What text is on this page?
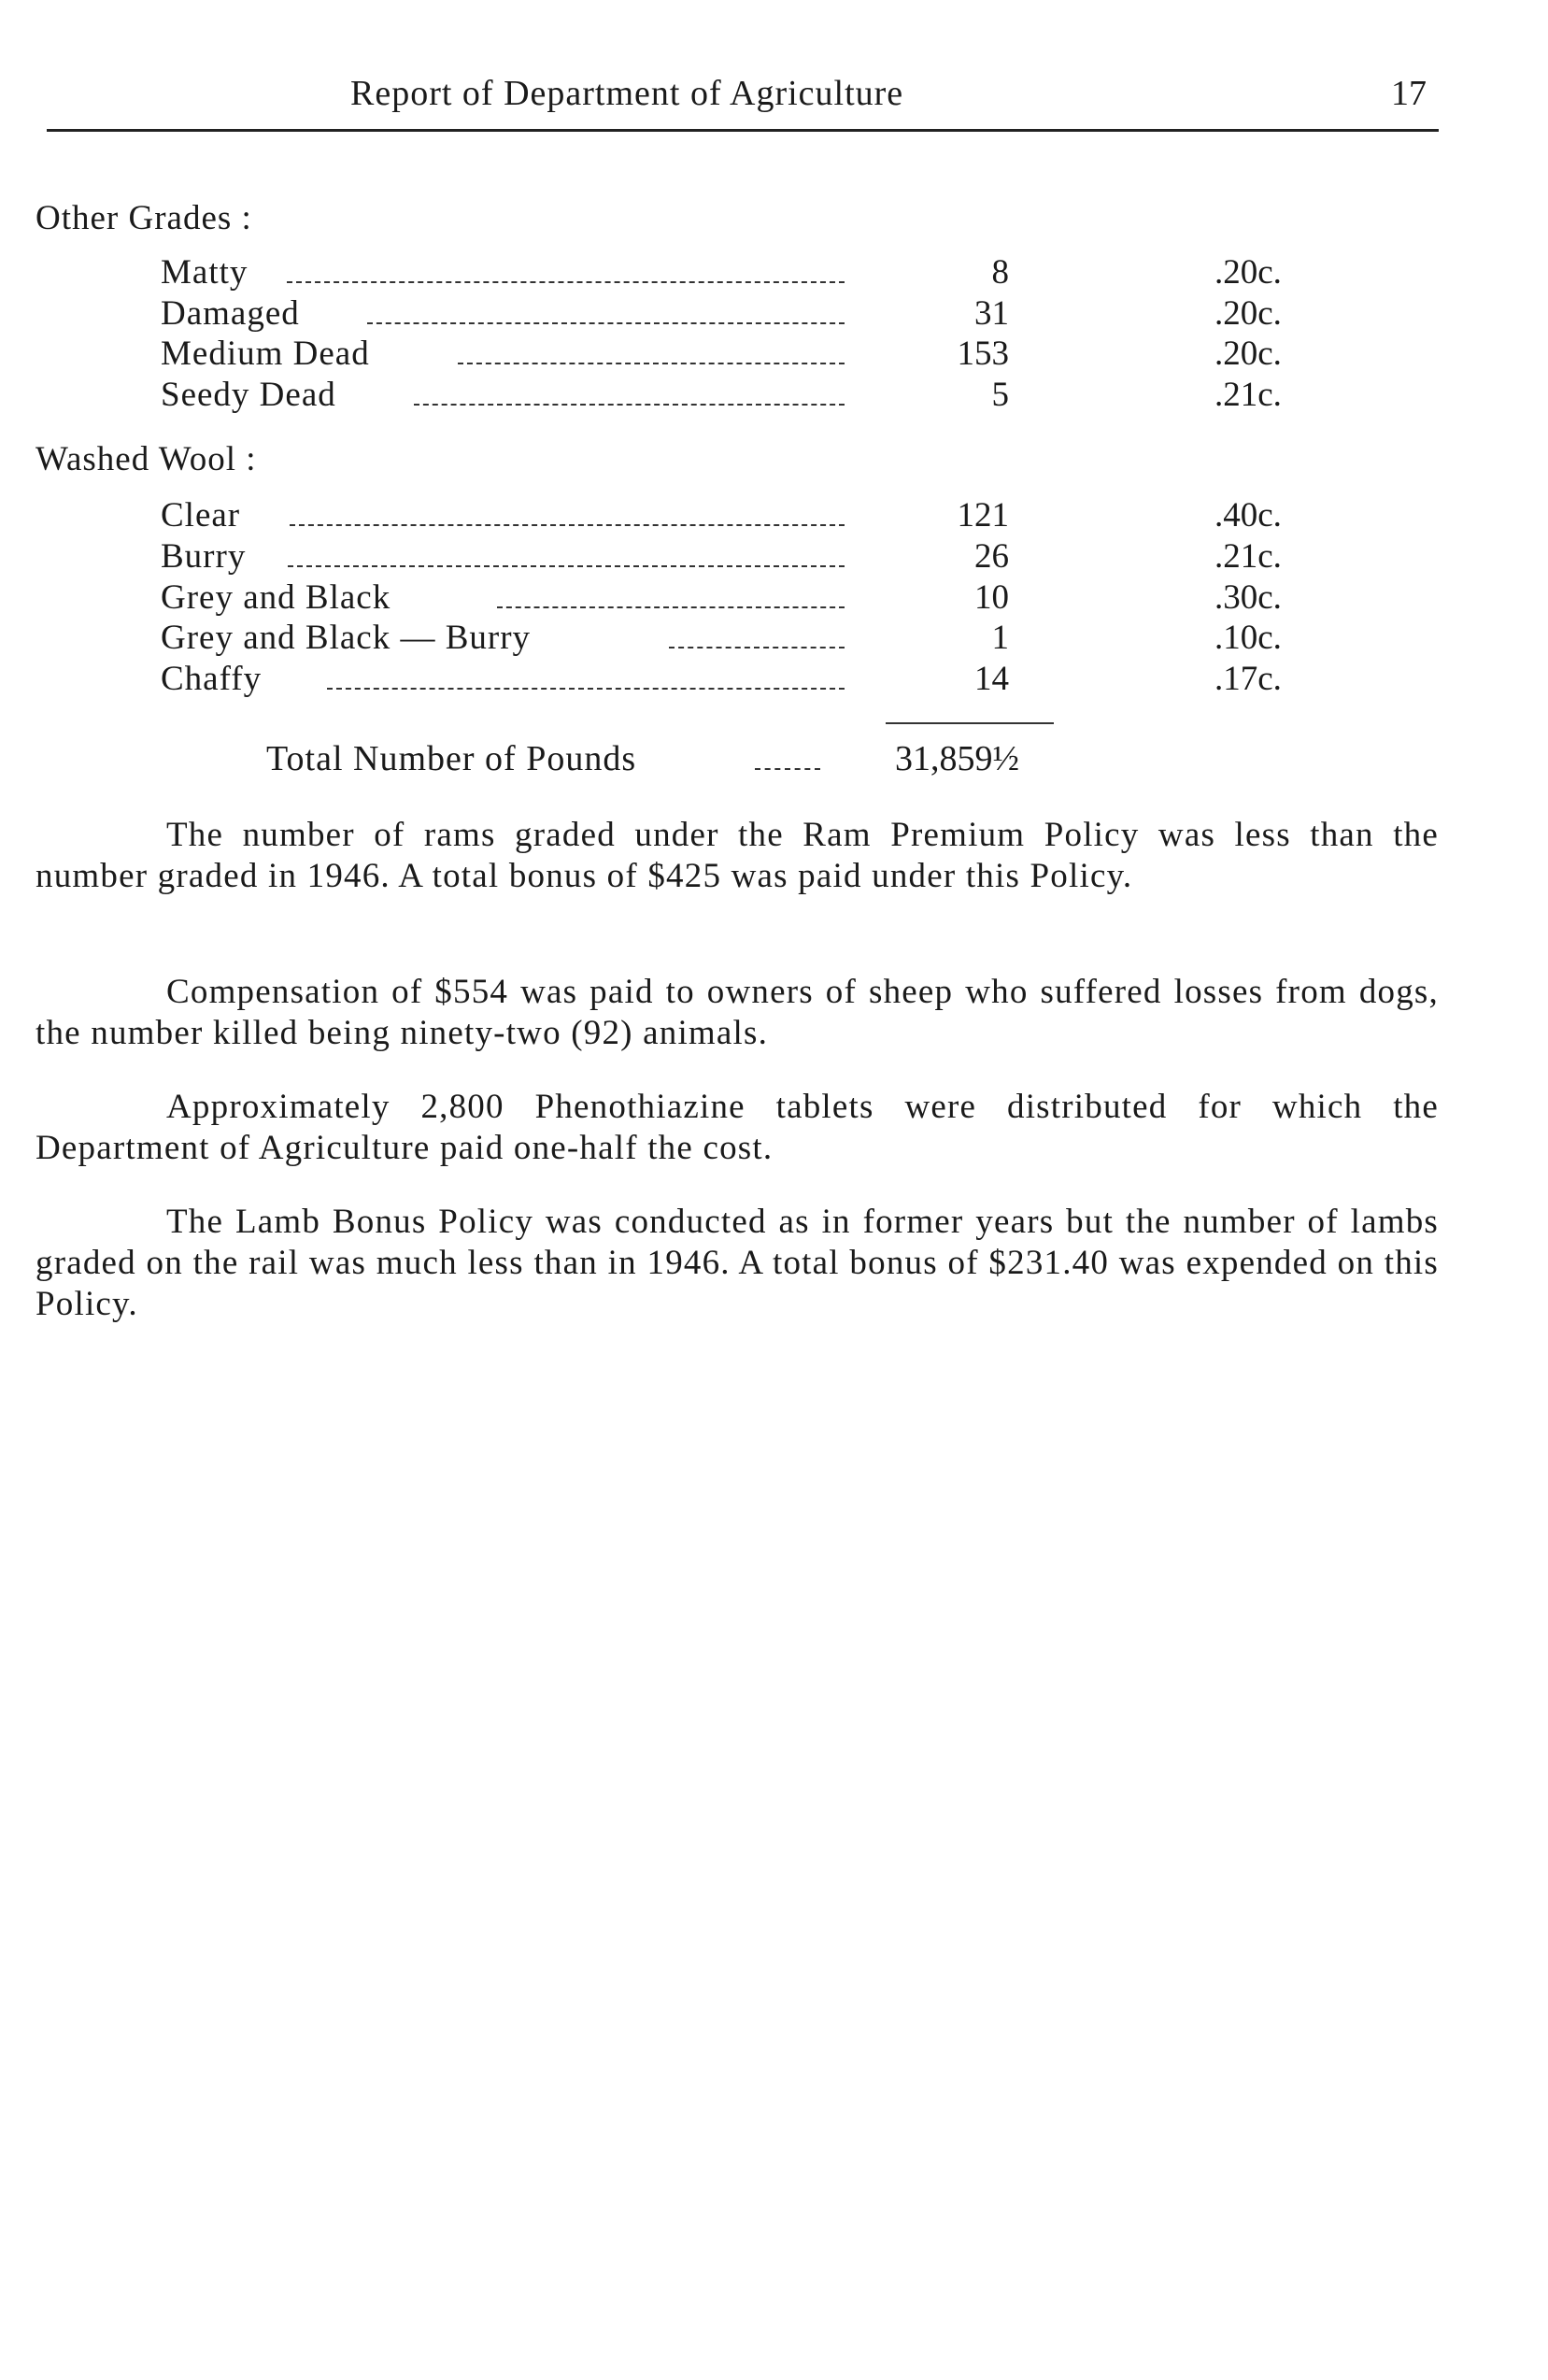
Report of Department of Agriculture	17
Other Grades :
Matty	8	.20c.
Damaged	31	.20c.
Medium Dead	153	.20c.
Seedy Dead	5	.21c.
Washed Wool :
Clear	121	.40c.
Burry	26	.21c.
Grey and Black	10	.30c.
Grey and Black — Burry	1	.10c.
Chaffy	14	.17c.
Total Number of Pounds	31,859½

The number of rams graded under the Ram Premium Policy was less than the number graded in 1946. A total bonus of $425 was paid under this Policy.

Compensation of $554 was paid to owners of sheep who suffered losses from dogs, the number killed being ninety-two (92) animals.

Approximately 2,800 Phenothiazine tablets were distributed for which the Department of Agriculture paid one-half the cost.

The Lamb Bonus Policy was conducted as in former years but the number of lambs graded on the rail was much less than in 1946. A total bonus of $231.40 was expended on this Policy.
